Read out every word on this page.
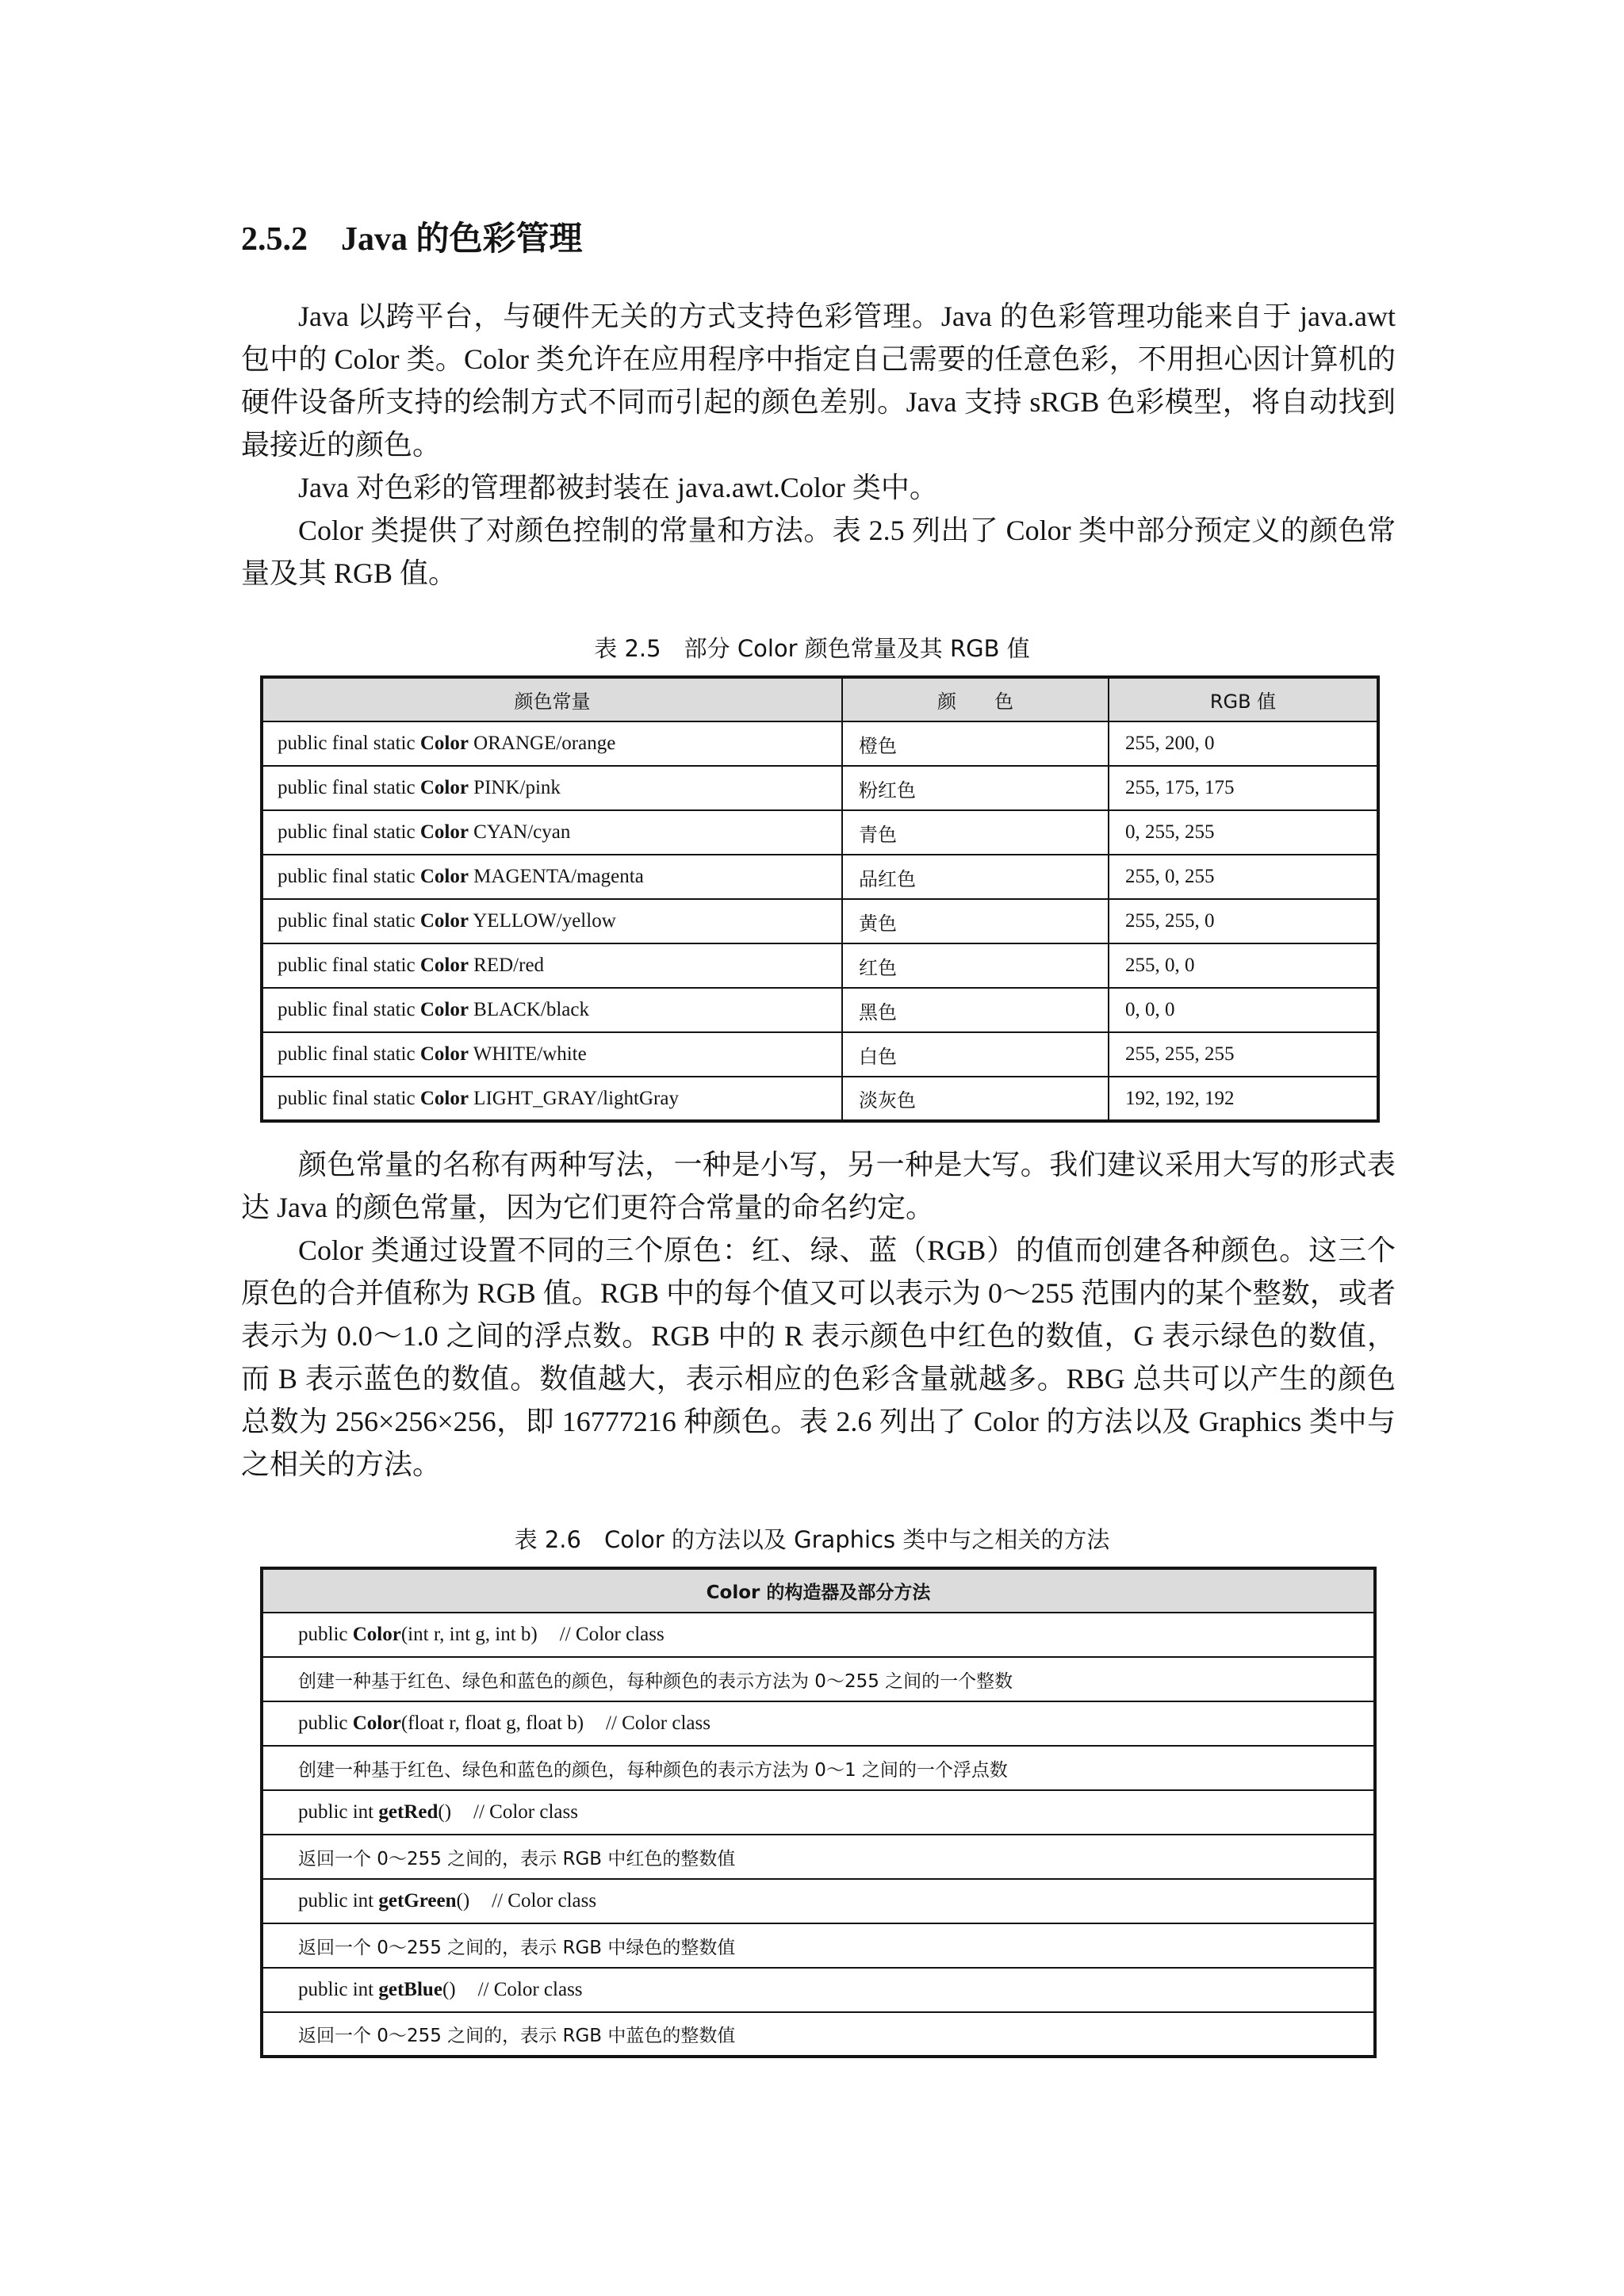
2.5.2 Java 的色彩管理

Java 以跨平台，与硬件无关的方式支持色彩管理。Java 的色彩管理功能来自于 java.awt 包中的 Color 类。Color 类允许在应用程序中指定自己需要的任意色彩，不用担心因计算机的硬件设备所支持的绘制方式不同而引起的颜色差别。Java 支持 sRGB 色彩模型，将自动找到最接近的颜色。

Java 对色彩的管理都被封装在 java.awt.Color 类中。

Color 类提供了对颜色控制的常量和方法。表 2.5 列出了 Color 类中部分预定义的颜色常量及其 RGB 值。

表 2.5　部分 Color 颜色常量及其 RGB 值

颜色常量	颜　　色	RGB 值
public final static Color ORANGE/orange	橙色	255, 200, 0
public final static Color PINK/pink	粉红色	255, 175, 175
public final static Color CYAN/cyan	青色	0, 255, 255
public final static Color MAGENTA/magenta	品红色	255, 0, 255
public final static Color YELLOW/yellow	黄色	255, 255, 0
public final static Color RED/red	红色	255, 0, 0
public final static Color BLACK/black	黑色	0, 0, 0
public final static Color WHITE/white	白色	255, 255, 255
public final static Color LIGHT_GRAY/lightGray	淡灰色	192, 192, 192

颜色常量的名称有两种写法，一种是小写，另一种是大写。我们建议采用大写的形式表达 Java 的颜色常量，因为它们更符合常量的命名约定。

Color 类通过设置不同的三个原色：红、绿、蓝（RGB）的值而创建各种颜色。这三个原色的合并值称为 RGB 值。RGB 中的每个值又可以表示为 0～255 范围内的某个整数，或者表示为 0.0～1.0 之间的浮点数。RGB 中的 R 表示颜色中红色的数值，G 表示绿色的数值，而 B 表示蓝色的数值。数值越大，表示相应的色彩含量就越多。RBG 总共可以产生的颜色总数为 256×256×256，即 16777216 种颜色。表 2.6 列出了 Color 的方法以及 Graphics 类中与之相关的方法。

表 2.6　Color 的方法以及 Graphics 类中与之相关的方法

Color 的构造器及部分方法
public Color(int r, int g, int b) // Color class
创建一种基于红色、绿色和蓝色的颜色，每种颜色的表示方法为 0～255 之间的一个整数
public Color(float r, float g, float b) // Color class
创建一种基于红色、绿色和蓝色的颜色，每种颜色的表示方法为 0～1 之间的一个浮点数
public int getRed() // Color class
返回一个 0～255 之间的，表示 RGB 中红色的整数值
public int getGreen() // Color class
返回一个 0～255 之间的，表示 RGB 中绿色的整数值
public int getBlue() // Color class
返回一个 0～255 之间的，表示 RGB 中蓝色的整数值
